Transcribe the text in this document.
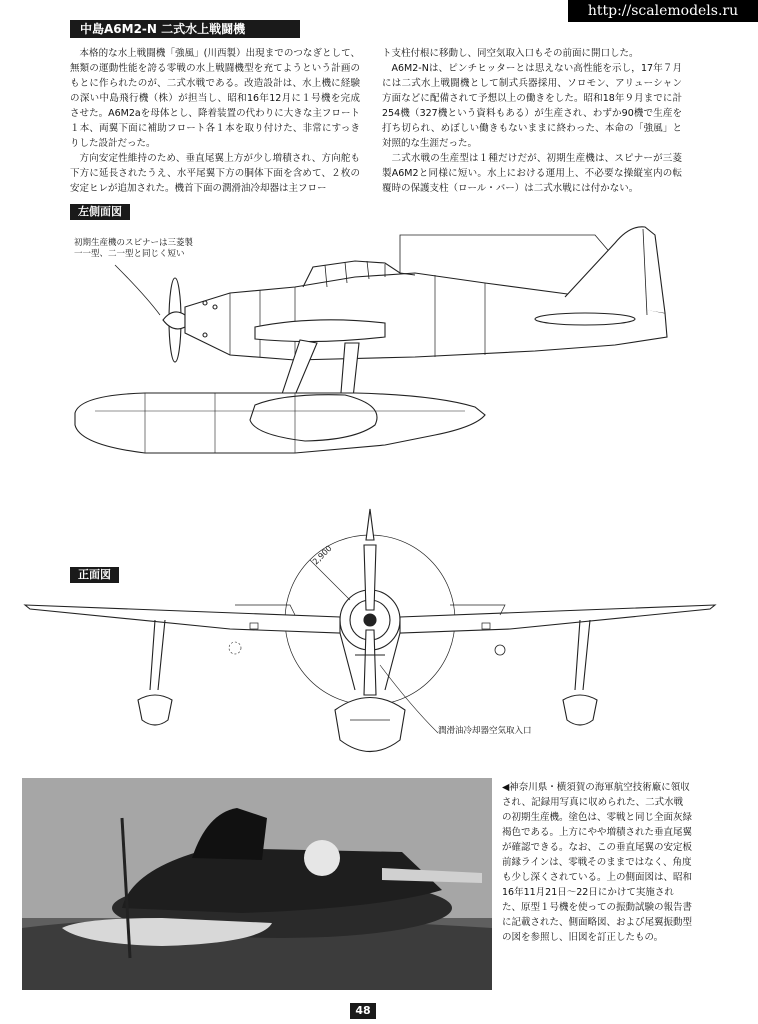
http://scalemodels.ru
中島A6M2-N 二式水上戦闘機

本格的な水上戦闘機「強風」(川西製）出現までのつなぎとして、無類の運動性能を誇る零戦の水上戦闘機型を充てようという計画のもとに作られたのが、二式水戦である。改造設計は、水上機に経験の深い中島飛行機（株）が担当し、昭和16年12月に１号機を完成させた。A6M2aを母体とし、降着装置の代わりに大きな主フロート１本、両翼下面に補助フロート各１本を取り付けた、非常にすっきりした設計だった。

方向安定性維持のため、垂直尾翼上方が少し増積され、方向舵も下方に延長されたうえ、水平尾翼下方の胴体下面を含めて、２枚の安定ヒレが追加された。機首下面の潤滑油冷却器は主フロー

ト支柱付根に移動し、同空気取入口もその前面に開口した。

A6M2-Nは、ピンチヒッターとは思えない高性能を示し，17年７月には二式水上戦闘機として制式兵器採用、ソロモン、アリューシャン方面などに配備されて予想以上の働きをした。昭和18年９月までに計254機（327機という資料もある）が生産され、わずか90機で生産を打ち切られ、めぼしい働きもないままに終わった、本命の「強風」と対照的な生涯だった。

二式水戦の生産型は１種だけだが、初期生産機は、スピナーが三菱製A6M2と同様に短い。水上における運用上、不必要な操縦室内の転覆時の保護支柱（ロール・バー）は二式水戦には付かない。

左側面図
初期生産機のスピナーは三菱製
一一型、二一型と同じく短い
正面図
2,900
潤滑油冷却器空気取入口
◀神奈川県・横須賀の海軍航空技術廠に領収され、記録用写真に収められた、二式水戦の初期生産機。塗色は、零戦と同じ全面灰緑褐色である。上方にやや増積された垂直尾翼が確認できる。なお、この垂直尾翼の安定板前縁ラインは、零戦そのままではなく、角度も少し深くされている。上の側面図は、昭和16年11月21日〜22日にかけて実施された、原型１号機を使っての振動試験の報告書に記載された、側面略図、および尾翼振動型の図を参照し、旧図を訂正したもの。
48
